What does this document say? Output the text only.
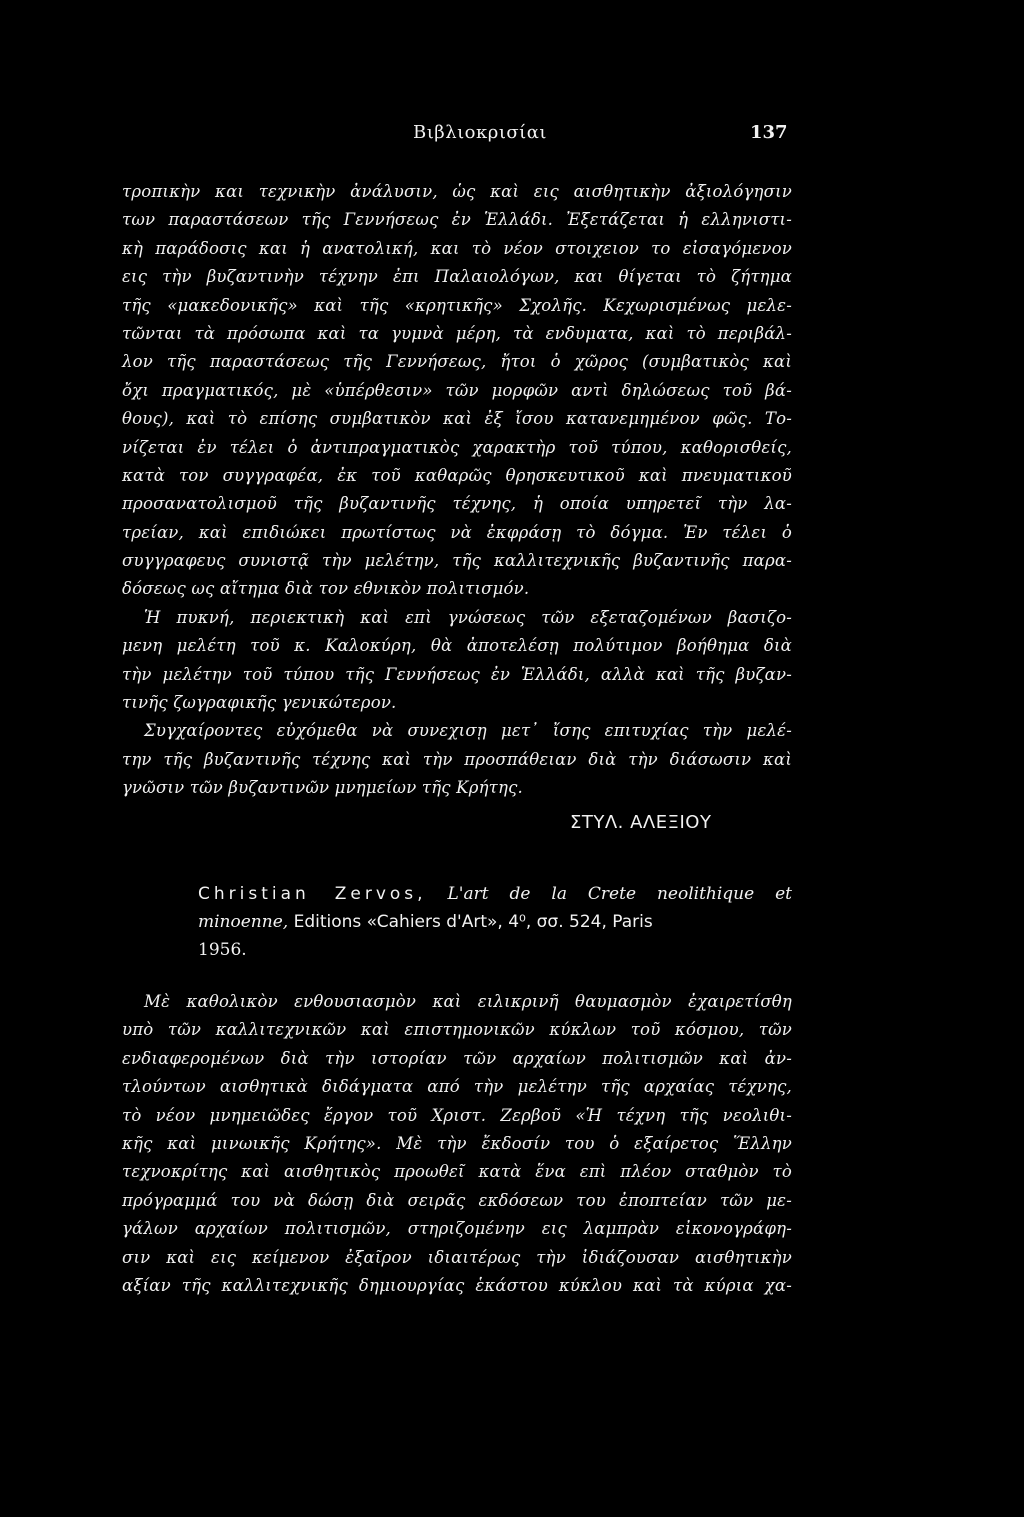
Βιβλιοκρισίαι	137
τροπικὴν και τεχνικὴν ἀνάλυσιν, ὡς καὶ εις αισθητικὴν ἀξιολόγησιν
των παραστάσεων τῆς Γεννήσεως ἐν Ἑλλάδι. Ἐξετάζεται ἡ ελληνιστι-
κὴ παράδοσις και ἡ ανατολική, και τὸ νέον στοιχειον το εἰσαγόμενον
εις τὴν βυζαντινὴν τέχνην ἐπι Παλαιολόγων, και θίγεται τὸ ζήτημα
τῆς «μακεδονικῆς» καὶ τῆς «κρητικῆς» Σχολῆς. Κεχωρισμένως μελε-
τῶνται τὰ πρόσωπα καὶ τα γυμνὰ μέρη, τὰ ενδυματα, καὶ τὸ περιβάλ-
λον τῆς παραστάσεως τῆς Γεννήσεως, ἤτοι ὁ χῶρος (συμβατικὸς καὶ
ὄχι πραγματικός, μὲ «ὑπέρθεσιν» τῶν μορφῶν αντὶ δηλώσεως τοῦ βά-
θους), καὶ τὸ επίσης συμβατικὸν καὶ ἐξ ἴσου κατανεμημένον φῶς. Το-
νίζεται ἐν τέλει ὁ ἀντιπραγματικὸς χαρακτὴρ τοῦ τύπου, καθορισθείς,
κατὰ τον συγγραφέα, ἐκ τοῦ καθαρῶς θρησκευτικοῦ καὶ πνευματικοῦ
προσανατολισμοῦ τῆς βυζαντινῆς τέχνης, ἡ οποία υπηρετεῖ τὴν λα-
τρείαν, καὶ επιδιώκει πρωτίστως νὰ ἐκφράσῃ τὸ δόγμα. Ἐν τέλει ὁ
συγγραφευς συνιστᾷ τὴν μελέτην, τῆς καλλιτεχνικῆς βυζαντινῆς παρα-
δόσεως ως αἴτημα διὰ τον εθνικὸν πολιτισμόν.
Ἡ πυκνή, περιεκτικὴ καὶ επὶ γνώσεως τῶν εξεταζομένων βασιζο-
μενη μελέτη τοῦ κ. Καλοκύρη, θὰ ἀποτελέσῃ πολύτιμον βοήθημα διὰ
τὴν μελέτην τοῦ τύπου τῆς Γεννήσεως ἐν Ἑλλάδι, αλλὰ καὶ τῆς βυζαν-
τινῆς ζωγραφικῆς γενικώτερον.
Συγχαίροντες εὐχόμεθα νὰ συνεχισῃ μετ᾽ ἴσης επιτυχίας τὴν μελέ-
την τῆς βυζαντινῆς τέχνης καὶ τὴν προσπάθειαν διὰ τὴν διάσωσιν καὶ
γνῶσιν τῶν βυζαντινῶν μνημείων τῆς Κρήτης.
ΣΤΥΛ. ΑΛΕΞΙΟΥ
Christian Zervos, L'art de la Crete neolithique et
minoenne, Editions «Cahiers d'Art», 4⁰, σσ. 524, Paris
1956.
Μὲ καθολικὸν ενθουσιασμὸν καὶ ειλικρινῆ θαυμασμὸν ἐχαιρετίσθη
υπὸ τῶν καλλιτεχνικῶν καὶ επιστημονικῶν κύκλων τοῦ κόσμου, τῶν
ενδιαφερομένων διὰ τὴν ιστορίαν τῶν αρχαίων πολιτισμῶν καὶ ἀν-
τλούντων αισθητικὰ διδάγματα από τὴν μελέτην τῆς αρχαίας τέχνης,
τὸ νέον μνημειῶδες ἔργον τοῦ Χριστ. Ζερβοῦ «Ἡ τέχνη τῆς νεολιθι-
κῆς καὶ μινωικῆς Κρήτης». Μὲ τὴν ἔκδοσίν του ὁ εξαίρετος Ἕλλην
τεχνοκρίτης καὶ αισθητικὸς προωθεῖ κατὰ ἕνα επὶ πλέον σταθμὸν τὸ
πρόγραμμά του νὰ δώσῃ διὰ σειρᾶς εκδόσεων του ἐποπτείαν τῶν με-
γάλων αρχαίων πολιτισμῶν, στηριζομένην εις λαμπρὰν εἰκονογράφη-
σιν καὶ εις κείμενον ἐξαῖρον ιδιαιτέρως τὴν ἰδιάζουσαν αισθητικὴν
αξίαν τῆς καλλιτεχνικῆς δημιουργίας ἑκάστου κύκλου καὶ τὰ κύρια χα-
